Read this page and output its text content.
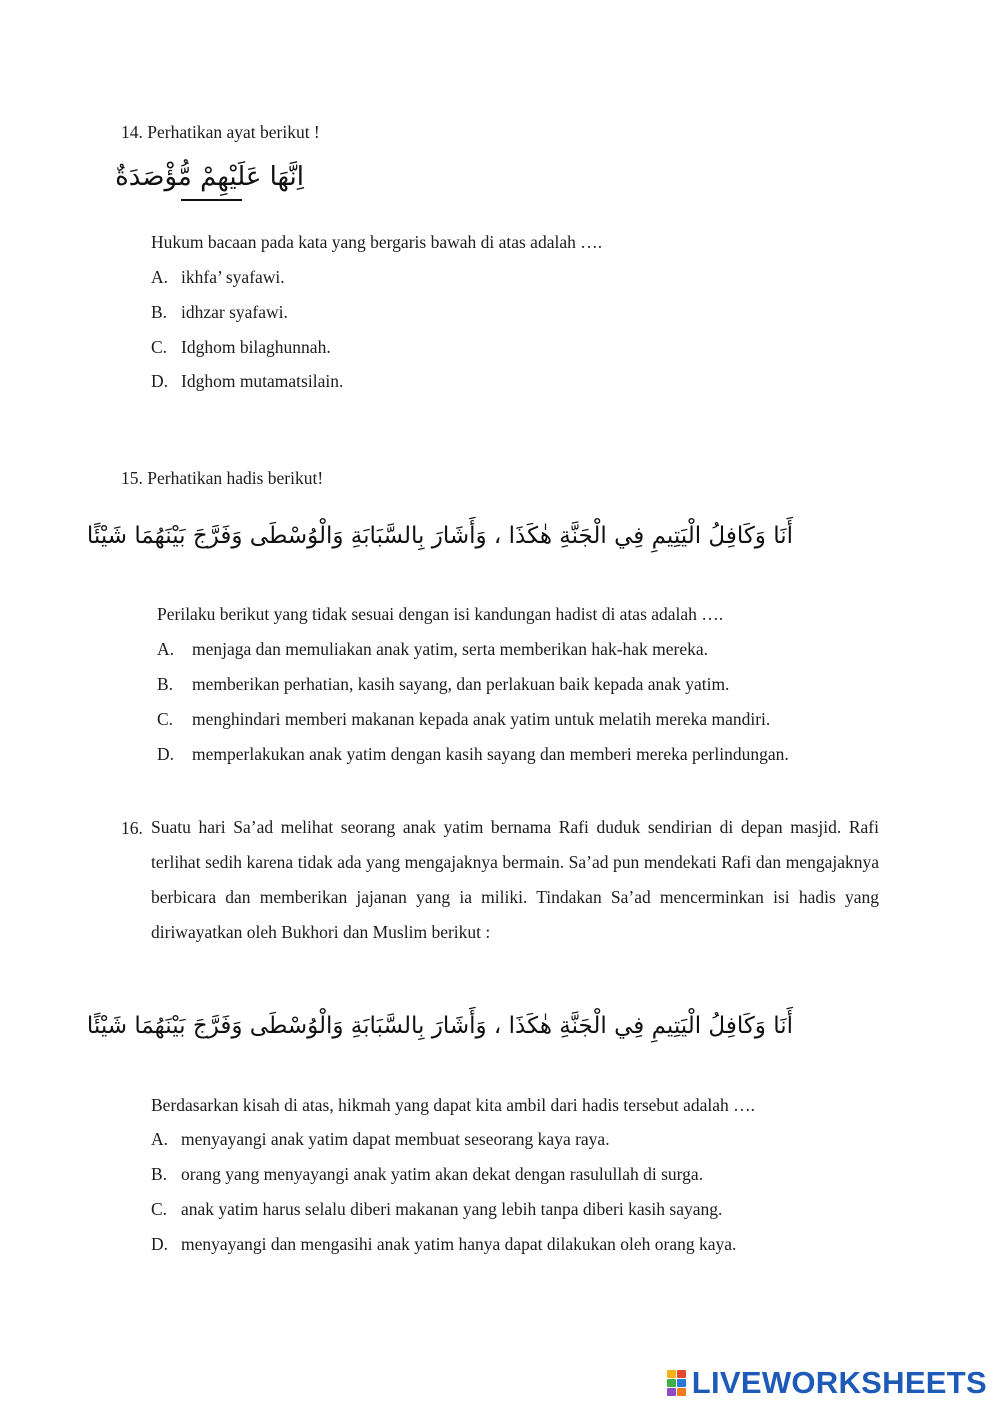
14. Perhatikan ayat berikut !
اِنَّهَا عَلَيْهِمْ مُّؤْصَدَةٌ
Hukum bacaan pada kata yang bergaris bawah di atas adalah ….
A. ikhfa’ syafawi.
B. idhzar syafawi.
C. Idghom bilaghunnah.
D. Idghom mutamatsilain.
15. Perhatikan hadis berikut!
أَنَا وَكَافِلُ الْيَتِيمِ فِي الْجَنَّةِ هٰكَذَا ، وَأَشَارَ بِالسَّبَابَةِ وَالْوُسْطَى وَفَرَّجَ بَيْنَهُمَا شَيْئًا
Perilaku berikut yang tidak sesuai dengan isi kandungan hadist di atas adalah ….
A. menjaga dan memuliakan anak yatim, serta memberikan hak-hak mereka.
B. memberikan perhatian, kasih sayang, dan perlakuan baik kepada anak yatim.
C. menghindari memberi makanan kepada anak yatim untuk melatih mereka mandiri.
D. memperlakukan anak yatim dengan kasih sayang dan memberi mereka perlindungan.
16. Suatu hari Sa’ad melihat seorang anak yatim bernama Rafi duduk sendirian di depan masjid. Rafi terlihat sedih karena tidak ada yang mengajaknya bermain. Sa’ad pun mendekati Rafi dan mengajaknya berbicara dan memberikan jajanan yang ia miliki. Tindakan Sa’ad mencerminkan isi hadis yang diriwayatkan oleh Bukhori dan Muslim berikut :
أَنَا وَكَافِلُ الْيَتِيمِ فِي الْجَنَّةِ هٰكَذَا ، وَأَشَارَ بِالسَّبَابَةِ وَالْوُسْطَى وَفَرَّجَ بَيْنَهُمَا شَيْئًا
Berdasarkan kisah di atas, hikmah yang dapat kita ambil dari hadis tersebut adalah ….
A. menyayangi anak yatim dapat membuat seseorang kaya raya.
B. orang yang menyayangi anak yatim akan dekat dengan rasulullah di surga.
C. anak yatim harus selalu diberi makanan yang lebih tanpa diberi kasih sayang.
D. menyayangi dan mengasihi anak yatim hanya dapat dilakukan oleh orang kaya.
LIVEWORKSHEETS
